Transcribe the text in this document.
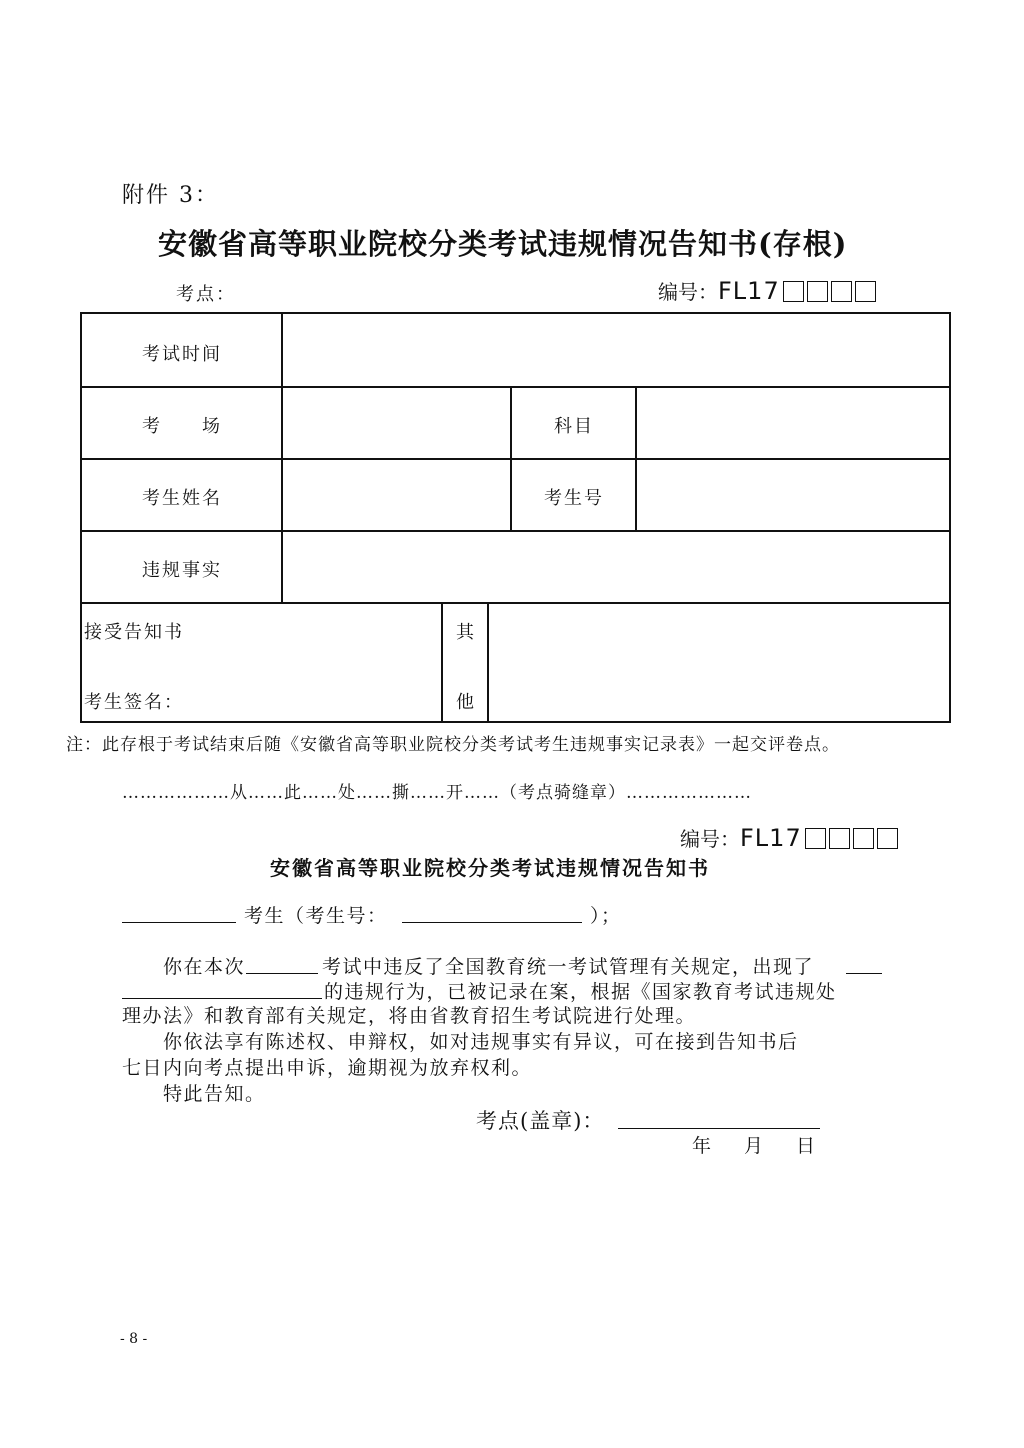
附件 3：
安徽省高等职业院校分类考试违规情况告知书(存根)
考点：	编号：FL17
考试时间
考　　场	科目
考生姓名	考生号
违规事实
接受告知书
考生签名：
其
他
注：此存根于考试结束后随《安徽省高等职业院校分类考试考生违规事实记录表》一起交评卷点。
………………从……此……处……撕……开……（考点骑缝章）…………………
编号：FL17
安徽省高等职业院校分类考试违规情况告知书
考生（考生号：	）；
你在本次	考试中违反了全国教育统一考试管理有关规定，出现了
的违规行为，已被记录在案，根据《国家教育考试违规处
理办法》和教育部有关规定，将由省教育招生考试院进行处理。
你依法享有陈述权、申辩权，如对违规事实有异议，可在接到告知书后
七日内向考点提出申诉，逾期视为放弃权利。
特此告知。
考点(盖章)：
年 月 日
- 8 -
